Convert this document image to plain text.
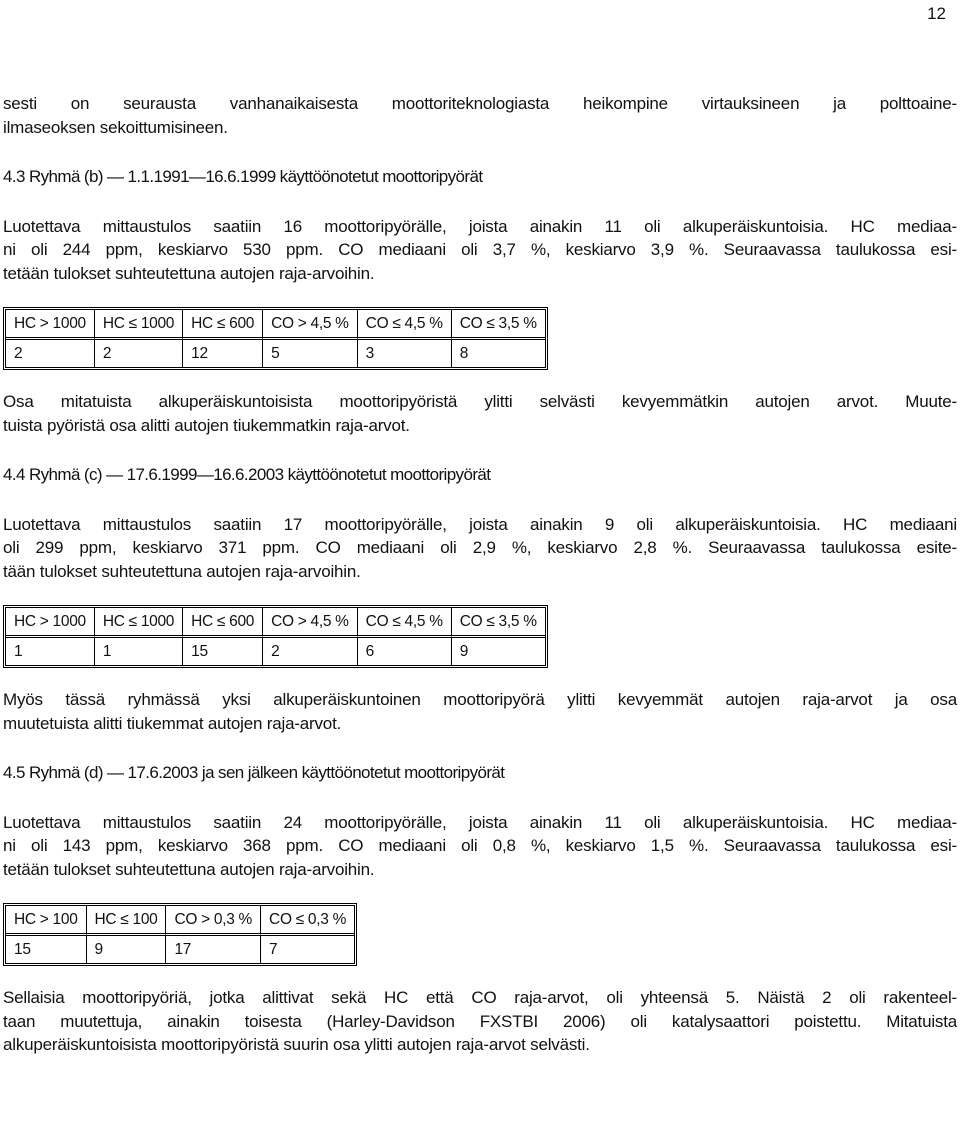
12

sesti on seurausta vanhanaikaisesta moottoriteknologiasta heikompine virtauksineen ja polttoaine-

ilmaseoksen sekoittumisineen.

4.3 Ryhmä (b) — 1.1.1991—16.6.1999 käyttöönotetut moottoripyörät

Luotettava mittaustulos saatiin 16 moottoripyörälle, joista ainakin 11 oli alkuperäiskuntoisia. HC mediaa-

ni oli 244 ppm, keskiarvo 530 ppm. CO mediaani oli 3,7 %, keskiarvo 3,9 %. Seuraavassa taulukossa esi-

tetään tulokset suhteutettuna autojen raja-arvoihin.

HC > 1000	HC ≤ 1000	HC ≤ 600	CO > 4,5 %	CO ≤ 4,5 %	CO ≤ 3,5 %
2	2	12	5	3	8

Osa mitatuista alkuperäiskuntoisista moottoripyöristä ylitti selvästi kevyemmätkin autojen arvot. Muute-

tuista pyöristä osa alitti autojen tiukemmatkin raja-arvot.

4.4 Ryhmä (c) — 17.6.1999—16.6.2003 käyttöönotetut moottoripyörät

Luotettava mittaustulos saatiin 17 moottoripyörälle, joista ainakin 9 oli alkuperäiskuntoisia. HC mediaani

oli 299 ppm, keskiarvo 371 ppm. CO mediaani oli 2,9 %, keskiarvo 2,8 %. Seuraavassa taulukossa esite-

tään tulokset suhteutettuna autojen raja-arvoihin.

HC > 1000	HC ≤ 1000	HC ≤ 600	CO > 4,5 %	CO ≤ 4,5 %	CO ≤ 3,5 %
1	1	15	2	6	9

Myös tässä ryhmässä yksi alkuperäiskuntoinen moottoripyörä ylitti kevyemmät autojen raja-arvot ja osa

muutetuista alitti tiukemmat autojen raja-arvot.

4.5 Ryhmä (d) — 17.6.2003 ja sen jälkeen käyttöönotetut moottoripyörät

Luotettava mittaustulos saatiin 24 moottoripyörälle, joista ainakin 11 oli alkuperäiskuntoisia. HC mediaa-

ni oli 143 ppm, keskiarvo 368 ppm. CO mediaani oli 0,8 %, keskiarvo 1,5 %. Seuraavassa taulukossa esi-

tetään tulokset suhteutettuna autojen raja-arvoihin.

HC > 100	HC ≤ 100	CO > 0,3 %	CO ≤ 0,3 %
15	9	17	7

Sellaisia moottoripyöriä, jotka alittivat sekä HC että CO raja-arvot, oli yhteensä 5. Näistä 2 oli rakenteel-

taan muutettuja, ainakin toisesta (Harley-Davidson FXSTBI 2006) oli katalysaattori poistettu. Mitatuista

alkuperäiskuntoisista moottoripyöristä suurin osa ylitti autojen raja-arvot selvästi.
